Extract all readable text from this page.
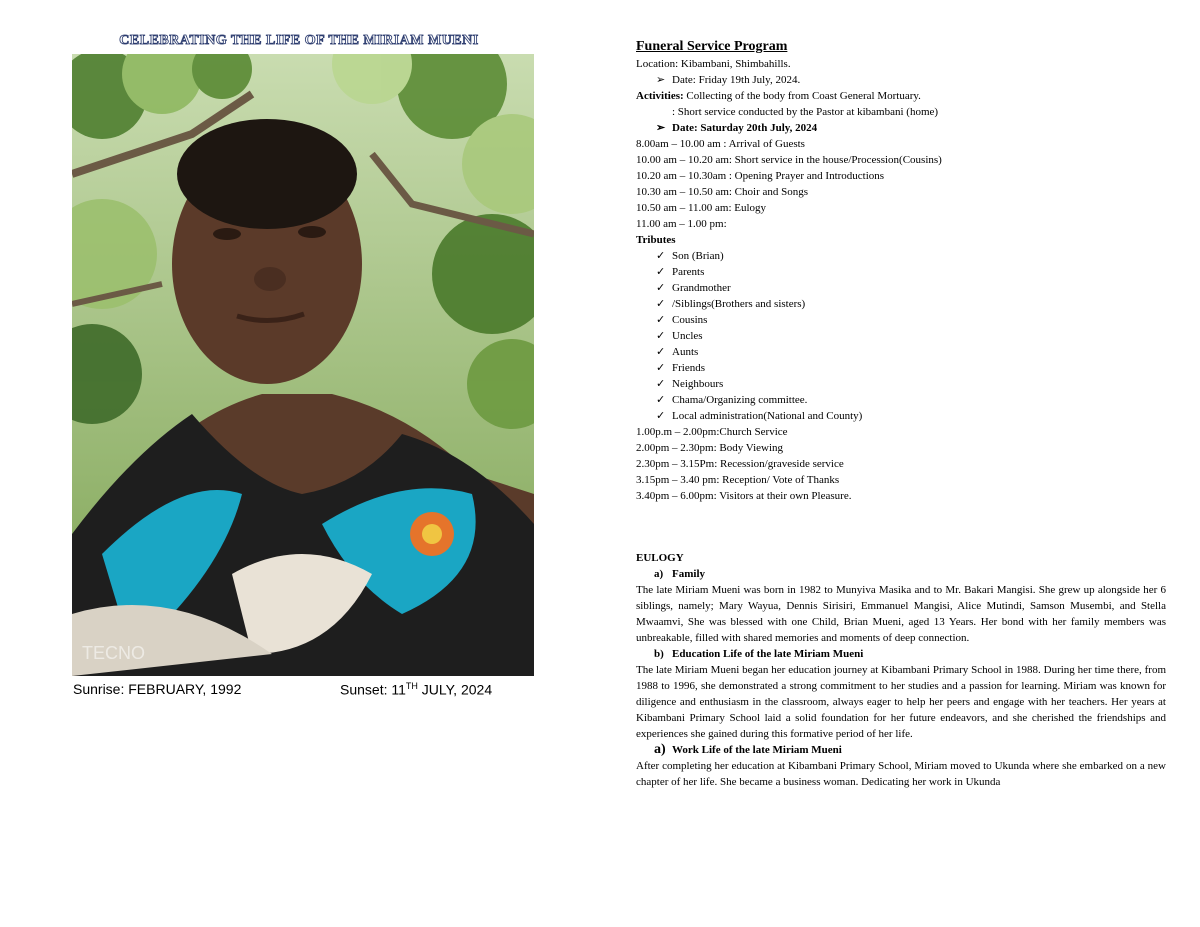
CELEBRATING THE LIFE OF THE MIRIAM MUENI
TECNO
Sunrise: FEBRUARY, 1992	Sunset: 11TH JULY, 2024
Funeral Service Program
Location: Kibambani, Shimbahills.
➢ Date: Friday 19th July, 2024.
Activities: Collecting of the body from Coast General Mortuary.
: Short service conducted by the Pastor at kibambani (home)
➢ Date: Saturday 20th July, 2024
8.00am – 10.00 am : Arrival of Guests
10.00 am – 10.20 am: Short service in the house/Procession(Cousins)
10.20 am – 10.30am : Opening Prayer and Introductions
10.30 am – 10.50 am: Choir and Songs
10.50 am – 11.00 am: Eulogy
11.00 am – 1.00 pm:
Tributes
✓ Son (Brian)
✓ Parents
✓ Grandmother
✓ /Siblings(Brothers and sisters)
✓ Cousins
✓ Uncles
✓ Aunts
✓ Friends
✓ Neighbours
✓ Chama/Organizing committee.
✓ Local administration(National and County)
1.00p.m – 2.00pm:Church Service
2.00pm – 2.30pm: Body Viewing
2.30pm – 3.15Pm: Recession/graveside service
3.15pm – 3.40 pm: Reception/ Vote of Thanks
3.40pm – 6.00pm: Visitors at their own Pleasure.
EULOGY
a) Family
The late Miriam Mueni was born in 1982 to Munyiva Masika and to Mr. Bakari Mangisi. She grew up alongside her 6 siblings, namely; Mary Wayua, Dennis Sirisiri, Emmanuel Mangisi, Alice Mutindi, Samson Musembi, and Stella Mwaamvi, She was blessed with one Child, Brian Mueni, aged 13 Years. Her bond with her family members was unbreakable, filled with shared memories and moments of deep connection.
b) Education Life of the late Miriam Mueni
The late Miriam Mueni began her education journey at Kibambani Primary School in 1988. During her time there, from 1988 to 1996, she demonstrated a strong commitment to her studies and a passion for learning. Miriam was known for diligence and enthusiasm in the classroom, always eager to help her peers and engage with her teachers. Her years at Kibambani Primary School laid a solid foundation for her future endeavors, and she cherished the friendships and experiences she gained during this formative period of her life.
a) Work Life of the late Miriam Mueni
After completing her education at Kibambani Primary School, Miriam moved to Ukunda where she embarked on a new chapter of her life. She became a business woman. Dedicating her work in Ukunda
